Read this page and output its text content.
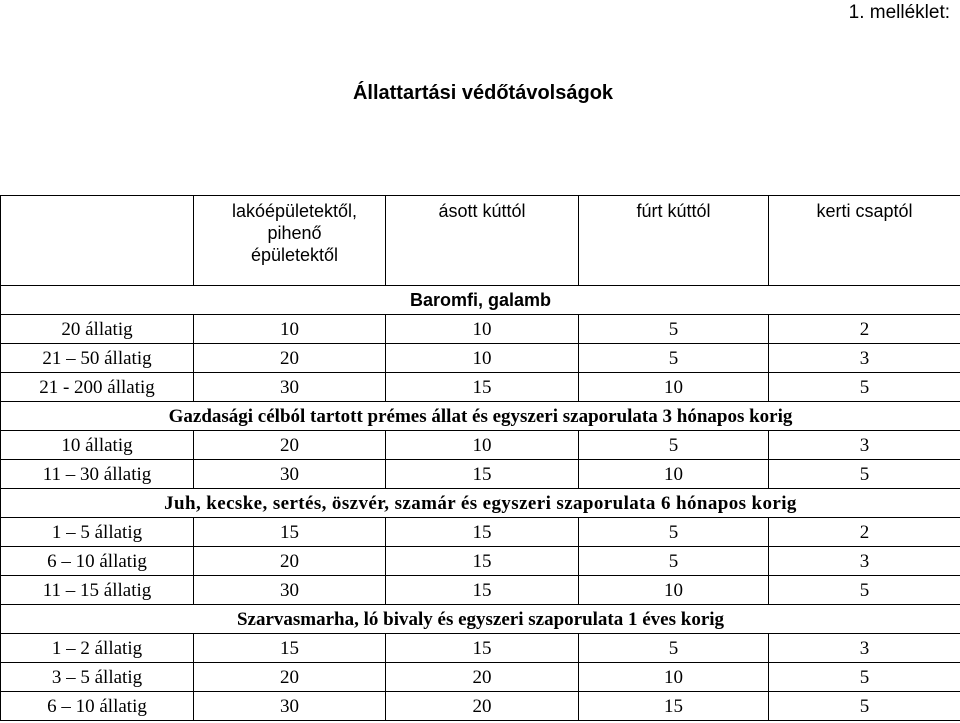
1. melléklet:
Állattartási védőtávolságok
	lakóépületektől,
pihenő
épületektől	ásott kúttól	fúrt kúttól	kerti csaptól
Baromfi, galamb				
20 állatig	10	10	5	2
21 – 50 állatig	20	10	5	3
21 - 200 állatig	30	15	10	5
Gazdasági célból tartott prémes állat és egyszeri szaporulata 3 hónapos korig				
10 állatig	20	10	5	3
11 – 30 állatig	30	15	10	5
Juh, kecske, sertés, öszvér, szamár és egyszeri szaporulata 6 hónapos korig				
1 – 5 állatig	15	15	5	2
6 – 10 állatig	20	15	5	3
11 – 15 állatig	30	15	10	5
Szarvasmarha, ló bivaly és egyszeri szaporulata 1 éves korig				
1 – 2 állatig	15	15	5	3
3 – 5 állatig	20	20	10	5
6 – 10 állatig	30	20	15	5
